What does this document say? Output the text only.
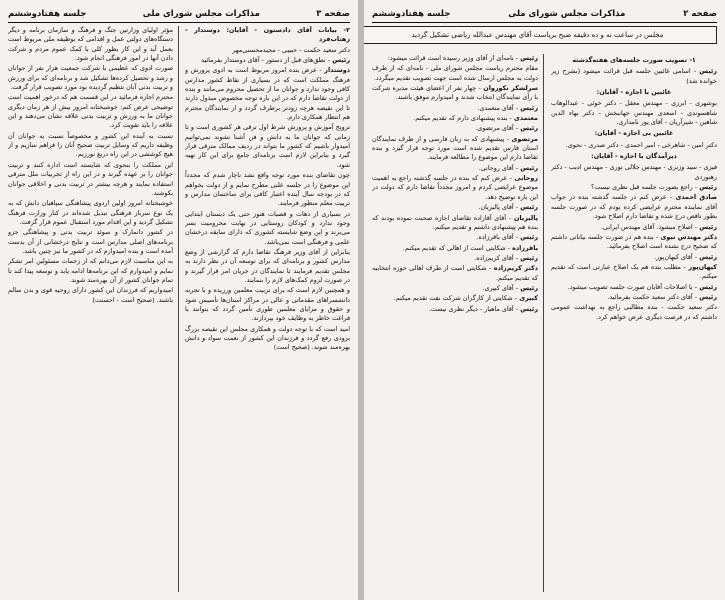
صفحه ۳
مذاکرات مجلس شورای ملی
جلسه هفتادوششم

۲- بیانات آقای دادستون - آقایان: دوستدار - زهتاب‌فرد

دکتر سعید حکمت - حبیبی - مجیدمحسنی‌مهر

رئیس - نطق‌های قبل از دستور - آقای دوستدار بفرمائید

دوستدار - عرض بنده امروز مربوط است به ادوی پرورش و فرهنگ مملکت است که در بسیاری از نقاط کشور مدارس کافی وجود ندارد و جوانان ما از تحصیل محروم می‌مانند و بنده از دولت تقاضا دارم که در این باره توجه مخصوص مبذول دارند تا این نقیصه هرچه زودتر برطرف گردد و از نمایندگان محترم هم انتظار همکاری دارم.

ترویج آموزش و پرورش شرط اول ترقی هر کشوری است و تا زمانی که جوانان ما به دانش و فن آشنا نشوند نمی‌توانیم امیدوار باشیم که کشور ما بتواند در ردیف ممالک مترقی قرار گیرد و بنابراین لازم است برنامه‌ای جامع برای این کار تهیه شود.

چون تقاضای بنده مورد توجه واقع نشد ناچار شدم که مجدداً این موضوع را در جلسه علنی مطرح نمایم و از دولت بخواهم که در بودجه سال آینده اعتبار کافی برای ساختمان مدارس و تربیت معلم منظور فرمایند.

در بسیاری از دهات و قصبات هنوز حتی یک دبستان ابتدایی وجود ندارد و کودکان روستایی در نهایت محرومیت بسر می‌برند و این وضع شایسته کشوری که دارای سابقه درخشان علمی و فرهنگی است نمی‌باشد.

بنابراین از آقای وزیر فرهنگ تقاضا دارم که گزارشی از وضع مدارس کشور و برنامه‌ای که برای توسعه آن در نظر دارند به مجلس تقدیم فرمایند تا نمایندگان در جریان امر قرار گیرند و در صورت لزوم کمک‌های لازم را بنمایند.

و همچنین لازم است که برای تربیت معلمین ورزیده و با تجربه دانشسراهای مقدماتی و عالی در مراکز استان‌ها تأسیس شود و حقوق و مزایای معلمین طوری تأمین گردد که بتوانند با فراغت خاطر به وظایف خود بپردازند.

امید است که با توجه دولت و همکاری مجلس این نقیصه بزرگ بزودی رفع گردد و فرزندان این کشور از نعمت سواد و دانش بهره‌مند شوند. (صحیح است)

مؤثر اولیای وزارتین جنگ و فرهنگ و سازمان برنامه و دیگر دستگاه‌های دولتی عمل و اقدامی که بوظیفه ملی مربوط است بعمل آید و این کار بطور کلی با کمک عموم مردم و شرکت دادن آنها در امور فرهنگی انجام شود.

صورت ادوی که عظیمی با شرکت جمعیت هزار نفر از جوانان و رشد و تحصیل کرده‌ها تشکیل شد و برنامه‌ای که برای ورزش و تربیت بدنی آنان تنظیم گردیده بود مورد تصویب قرار گرفت.

محترم اجازه فرمائید در این قسمت هم که درخور اهمیت است توضیحی عرض کنم: خوشبختانه امروز بیش از هر زمان دیگری جوانان ما به ورزش و تربیت بدنی علاقه نشان می‌دهند و این علاقه را باید تقویت کرد.

نسبت به آینده این کشور و مخصوصاً نسبت به جوانان آن وظیفه داریم که وسایل تربیت صحیح آنان را فراهم سازیم و از هیچ کوششی در این راه دریغ نورزیم.

این مملکت را بنحوی که شایسته است اداره کنند و تربیت جوانان را بر عهده گیرند و در این راه از تجربیات ملل مترقی استفاده نمایند و هرچه بیشتر در تربیت بدنی و اخلاقی جوانان بکوشند.

خوشبختانه امروز اولین اردوی پیشاهنگی سپاهیان دانش که به یک نوع سرباز فرهنگی تبدیل شده‌اند در کنار وزارت فرهنگ تشکیل گردید و این اقدام مورد استقبال عموم قرار گرفت.

در کشور دانمارک و سوئد تربیت بدنی و پیشاهنگی جزو برنامه‌های اصلی مدارس است و نتایج درخشانی از آن بدست آمده است و بنده امیدوارم که در کشور ما نیز چنین باشد.

به این مناسبت لازم می‌دانم که از زحمات مسئولین امر تشکر نمایم و امیدوارم که این برنامه‌ها ادامه یابد و توسعه پیدا کند تا تمام جوانان کشور از آن بهره‌مند شوند.

امیدواریم که فرزندان این کشور دارای روحیه قوی و بدن سالم باشند. (صحیح است - احسنت)

صفحه ۲
مذاکرات مجلس شورای ملی
جلسه هفتادوششم
مجلس در ساعت نه و ده دقیقه صبح بریاست آقای مهندس عبدالله ریاضی تشکیل گردید

۱- تصویب صورت جلسه‌های هفته‌گذشته

رئیس - اسامی غائبین جلسه قبل قرائت میشود (بشرح زیر خوانده شد)

غائبین با اجازه - آقایان:

بوشهری - ابرزی - مهندس معقل - دکتر خوئی - عبدالوهاب شاهسوندی - اسعدی مهندس جهانبخش - دکتر بهاء الدین شاهین - شیرآریان - آقای پور نامداری.

غائبین بی اجازه - آقایان:

دکتر امین - شاهرخی - امیر احمدی - دکتر صدری - نحوی.

دیرآمدگان با اجازه - آقایان:

فیزی - سید وزیری - مهندس جلالی نوری - مهندس ادیب - دکتر رهنوردی

رئیس - راجع بصورت جلسه قبل نظری نیست؟

صادق احمدی - عرض کنم در جلسه گذشته بنده در جواب آقای نماینده محترم عرایضی کرده بودم که در صورت جلسه بطور ناقص درج شده و تقاضا دارم اصلاح شود.

رئیس - اصلاح میشود. آقای مهندس ایرانی.

دکتر مهندس نبوی - بنده هم در صورت جلسه بیاناتی داشتم که صحیح درج نشده است اصلاح بفرمائید.

رئیس - آقای کیهان‌پور.

کیهان‌پور - مطلب بنده هم یک اصلاح عبارتی است که تقدیم میکنم.

رئیس - با اصلاحات آقایان صورت جلسه تصویب میشود.

رئیس - آقای دکتر سعید حکمت بفرمائید.

دکتر سعید حکمت - بنده مطالبی راجع به بهداشت عمومی داشتم که در فرصت دیگری عرض خواهم کرد.

رئیس - نامه‌ای از آقای وزیر رسیده است قرائت میشود:

مقام محترم ریاست مجلس شورای ملی - نامه‌ای که از طرف دولت به مجلس ارسال شده است جهت تصویب تقدیم میگردد.

سرلشکر نکوروان - چهار نفر از اعضای هیئت مدیره شرکت با رأی نمایندگان انتخاب شدند و امیدوارم موفق باشند.

رئیس - آقای متعمدی.

معتمدی - بنده پیشنهادی دارم که تقدیم میکنم.

رئیس - آقای مرتضوی.

مرتضوی - پیشنهادی که به زبان فارسی و از طرف نمایندگان استان فارس تقدیم شده است مورد توجه قرار گیرد و بنده تقاضا دارم این موضوع را مطالعه فرمایند.

رئیس - آقای روحانی.

روحانی - عرض کنم که بنده در جلسه گذشته راجع به اهمیت موضوع عرایضی کردم و امروز مجدداً تقاضا دارم که دولت در این باره توضیح دهد.

رئیس - آقای پالیزبان.

پالیزبان - آقای آقازاده تقاضای اجازه صحبت نموده بودند که بنده هم پیشنهادی داشتم و تقدیم میکنم.

رئیس - آقای باقرزاده.

باقرزاده - شکایتی است از اهالی که تقدیم میکنم.

رئیس - آقای کریم‌زاده.

دکتر کریم‌زاده - شکایتی است از طرف اهالی حوزه انتخابیه که تقدیم میکنم.

رئیس - آقای کبیری.

کبیری - شکایتی از کارگران شرکت نفت تقدیم میکنم.

رئیس - آقای ماهیار - دیگر نظری نیست.
